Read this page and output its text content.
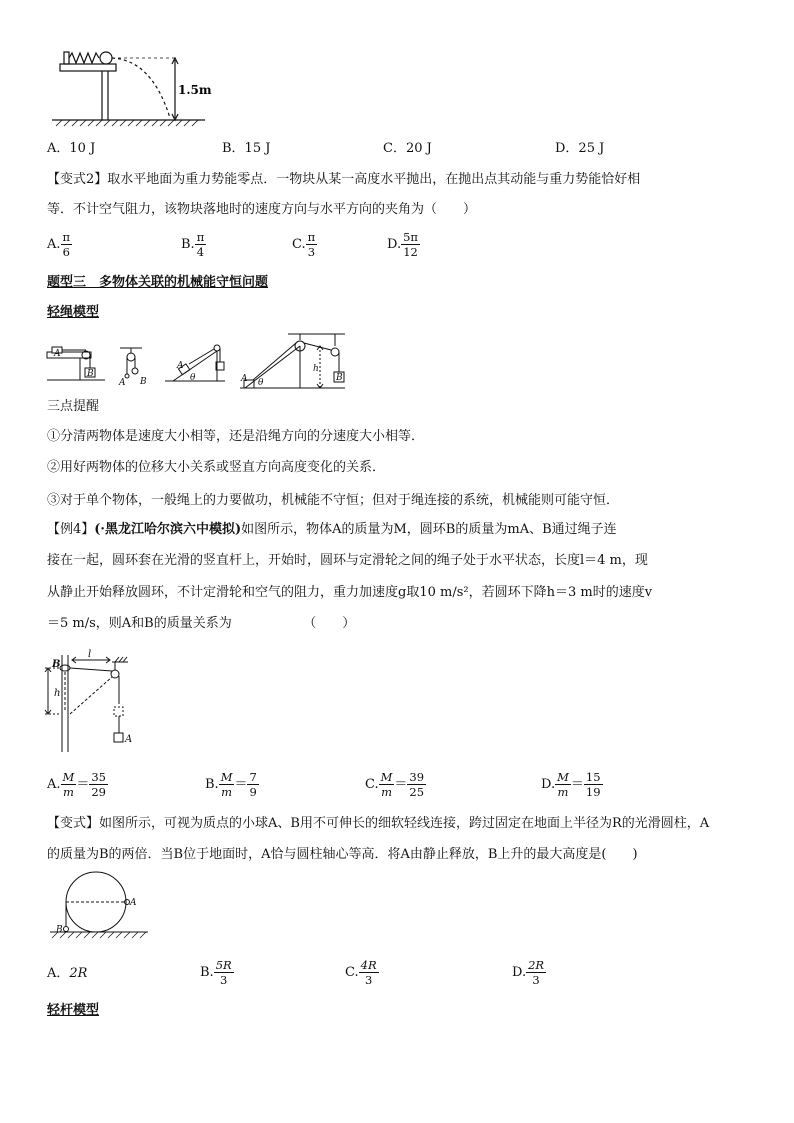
1.5m
A．10 J	B．15 J	C．20 J	D．25 J
【变式2】取水平地面为重力势能零点．一物块从某一高度水平抛出，在抛出点其动能与重力势能恰好相
等．不计空气阻力，该物块落地时的速度方向与水平方向的夹角为（　　）
A. $\frac{\pi}{6}$	B. $\frac{\pi}{4}$	C. $\frac{\pi}{3}$	D. $\frac{5\pi}{12}$
题型三　多物体关联的机械能守恒问题
轻绳模型
A
B
A B
A
θ	A θ
h
B
三点提醒
①分清两物体是速度大小相等，还是沿绳方向的分速度大小相等．
②用好两物体的位移大小关系或竖直方向高度变化的关系．
③对于单个物体，一般绳上的力要做功，机械能不守恒；但对于绳连接的系统，机械能则可能守恒．
【例4】(·黑龙江哈尔滨六中模拟)如图所示，物体A的质量为M，圆环B的质量为mA、B通过绳子连
接在一起，圆环套在光滑的竖直杆上，开始时，圆环与定滑轮之间的绳子处于水平状态，长度l＝4 m，现
从静止开始释放圆环，不计定滑轮和空气的阻力，重力加速度g取10 m/s²，若圆环下降h＝3 m时的速度v
＝5 m/s，则A和B的质量关系为　　　　　　（　　）
B
l
h
A
A. $\frac{M}{m} = \frac{35}{29}$	B. $\frac{M}{m} = \frac{7}{9}$	C. $\frac{M}{m} = \frac{39}{25}$	D. $\frac{M}{m} = \frac{15}{19}$
【变式】如图所示，可视为质点的小球A、B用不可伸长的细软轻线连接，跨过固定在地面上半径为R的光滑圆柱，A
的质量为B的两倍．当B位于地面时，A恰与圆柱轴心等高．将A由静止释放，B上升的最大高度是(　　)
A
B
A．2R	B. $\frac{5R}{3}$	C. $\frac{4R}{3}$	D. $\frac{2R}{3}$
轻杆模型
